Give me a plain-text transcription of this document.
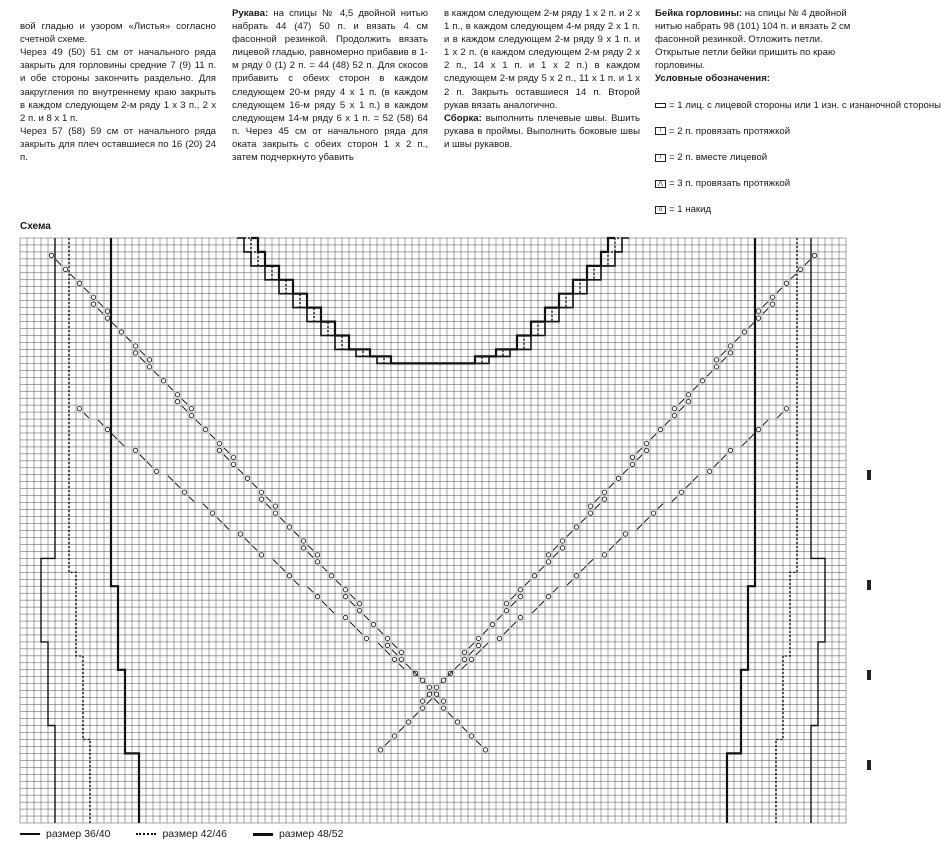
вой гладью и узором «Листья» согласно счетной схеме.
Через 49 (50) 51 см от начального ряда закрыть для горловины средние 7 (9) 11 п. и обе стороны закончить раздельно. Для закругления по внутреннему краю закрыть в каждом следующем 2-м ряду 1 х 3 п., 2 х 2 п. и 8 х 1 п.
Через 57 (58) 59 см от начального ряда закрыть для плеч оставшиеся по 16 (20) 24 п.

Рукава: на спицы № 4,5 двойной нитью набрать 44 (47) 50 п. и вязать 4 см фасонной резинкой. Продолжить вязать лицевой гладью, равномерно прибавив в 1-м ряду 0 (1) 2 п. = 44 (48) 52 п. Для скосов прибавить с обеих сторон в каждом следующем 20-м ряду 4 х 1 п. (в каждом следующем 16-м ряду 5 х 1 п.) в каждом следующем 14-м ряду 6 х 1 п. = 52 (58) 64 п. Через 45 см от начального ряда для оката закрыть с обеих сторон 1 х 2 п., затем подчеркнуто убавить
в каждом следующем 2-м ряду 1 х 2 п. и 2 х 1 п., в каждом следующем 4-м ряду 2 х 1 п. и в каждом следующем 2-м ряду 9 х 1 п. и 1 х 2 п. (в каждом следующем 2-м ряду 2 х 2 п., 14 х 1 п. и 1 х 2 п.) в каждом следующем 2-м ряду 5 х 2 п., 11 х 1 п. и 1 х 2 п. Закрыть оставшиеся 14 п. Второй рукав вязать аналогично.
Сборка: выполнить плечевые швы. Вшить рукава в проймы. Выполнить боковые швы и швы рукавов.
Бейка горловины: на спицы № 4 двойной нитью набрать 98 (101) 104 п. и вязать 2 см фасонной резинкой. Отложить петли. Открытые петли бейки пришить по краю горловины.

Условные обозначения:

= 1 лиц. с лицевой стороны или 1 изн. с изнаночной стороны

\ = 2 п. провязать протяжкой

/ = 2 п. вместе лицевой

⋀ = 3 п. провязать протяжкой

o = 1 накид

Схема
размер 36/40	размер 42/46	размер 48/52
